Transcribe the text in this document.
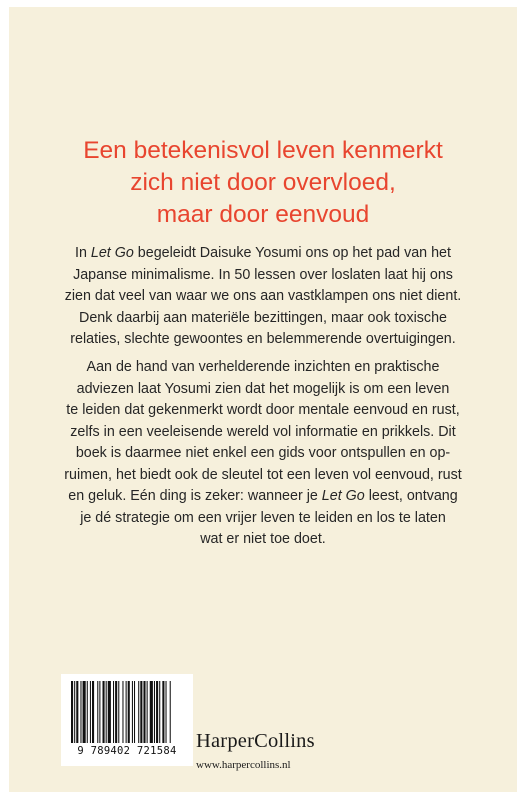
Een betekenisvol leven kenmerkt
zich niet door overvloed,
maar door eenvoud
In Let Go begeleidt Daisuke Yosumi ons op het pad van het
Japanse minimalisme. In 50 lessen over loslaten laat hij ons
zien dat veel van waar we ons aan vastklampen ons niet dient.
Denk daarbij aan materiële bezittingen, maar ook toxische
relaties, slechte gewoontes en belemmerende overtuigingen.
Aan de hand van verhelderende inzichten en praktische
adviezen laat Yosumi zien dat het mogelijk is om een leven
te leiden dat gekenmerkt wordt door mentale eenvoud en rust,
zelfs in een veeleisende wereld vol informatie en prikkels. Dit
boek is daarmee niet enkel een gids voor ontspullen en op-
ruimen, het biedt ook de sleutel tot een leven vol eenvoud, rust
en geluk. Eén ding is zeker: wanneer je Let Go leest, ontvang
je dé strategie om een vrijer leven te leiden en los te laten
wat er niet toe doet.
9 789402 721584 HarperCollins
www.harpercollins.nl
